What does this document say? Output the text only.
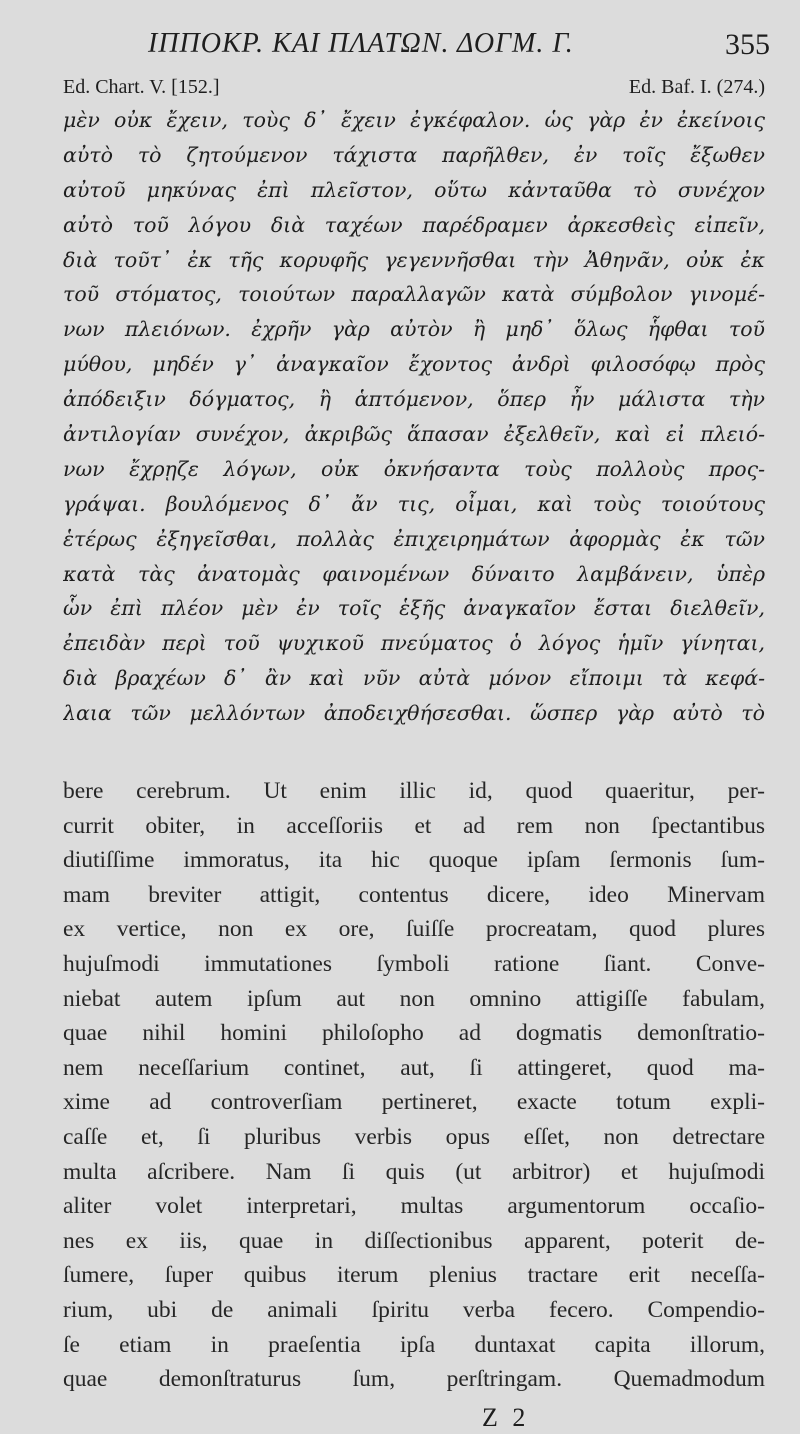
ΙΠΠΟΚΡ. ΚΑΙ ΠΛΑΤΩΝ. ΔΟΓΜ. Γ.	355
Ed. Chart. V. [152.]	Ed. Baf. I. (274.)
μὲν οὐκ ἔχειν, τοὺς δ᾽ ἔχειν ἐγκέφαλον. ὡς γὰρ ἐν ἐκείνοις
αὐτὸ τὸ ζητούμενον τάχιστα παρῆλθεν, ἐν τοῖς ἔξωθεν
αὐτοῦ μηκύνας ἐπὶ πλεῖστον, οὕτω κἀνταῦθα τὸ συνέχον
αὐτὸ τοῦ λόγου διὰ ταχέων παρέδραμεν ἀρκεσθεὶς εἰπεῖν,
διὰ τοῦτ᾽ ἐκ τῆς κορυφῆς γεγεννῆσθαι τὴν Ἀθηνᾶν, οὐκ ἐκ
τοῦ στόματος, τοιούτων παραλλαγῶν κατὰ σύμβολον γινομέ-
νων πλειόνων. ἐχρῆν γὰρ αὐτὸν ἢ μηδ᾽ ὅλως ἧφθαι τοῦ
μύθου, μηδέν γ᾽ ἀναγκαῖον ἔχοντος ἀνδρὶ φιλοσόφῳ πρὸς
ἀπόδειξιν δόγματος, ἢ ἁπτόμενον, ὅπερ ἦν μάλιστα τὴν
ἀντιλογίαν συνέχον, ἀκριβῶς ἅπασαν ἐξελθεῖν, καὶ εἰ πλειό-
νων ἔχρῃζε λόγων, οὐκ ὀκνήσαντα τοὺς πολλοὺς προς-
γράψαι. βουλόμενος δ᾽ ἄν τις, οἶμαι, καὶ τοὺς τοιούτους
ἑτέρως ἐξηγεῖσθαι, πολλὰς ἐπιχειρημάτων ἀφορμὰς ἐκ τῶν
κατὰ τὰς ἀνατομὰς φαινομένων δύναιτο λαμβάνειν, ὑπὲρ
ὧν ἐπὶ πλέον μὲν ἐν τοῖς ἑξῆς ἀναγκαῖον ἔσται διελθεῖν,
ἐπειδὰν περὶ τοῦ ψυχικοῦ πνεύματος ὁ λόγος ἡμῖν γίνηται,
διὰ βραχέων δ᾽ ἂν καὶ νῦν αὐτὰ μόνον εἴποιμι τὰ κεφά-
λαια τῶν μελλόντων ἀποδειχθήσεσθαι. ὥσπερ γὰρ αὐτὸ τὸ
bere cerebrum. Ut enim illic id, quod quaeritur, per-
currit obiter, in acceſſoriis et ad rem non ſpectantibus
diutiſſime immoratus, ita hic quoque ipſam ſermonis ſum-
mam breviter attigit, contentus dicere, ideo Minervam
ex vertice, non ex ore, ſuiſſe procreatam, quod plures
hujuſmodi immutationes ſymboli ratione ſiant. Conve-
niebat autem ipſum aut non omnino attigiſſe fabulam,
quae nihil homini philoſopho ad dogmatis demonſtratio-
nem neceſſarium continet, aut, ſi attingeret, quod ma-
xime ad controverſiam pertineret, exacte totum expli-
caſſe et, ſi pluribus verbis opus eſſet, non detrectare
multa aſcribere. Nam ſi quis (ut arbitror) et hujuſmodi
aliter volet interpretari, multas argumentorum occaſio-
nes ex iis, quae in diſſectionibus apparent, poterit de-
ſumere, ſuper quibus iterum plenius tractare erit neceſſa-
rium, ubi de animali ſpiritu verba fecero. Compendio-
ſe etiam in praeſentia ipſa duntaxat capita illorum,
quae demonſtraturus ſum, perſtringam. Quemadmodum
Z 2
